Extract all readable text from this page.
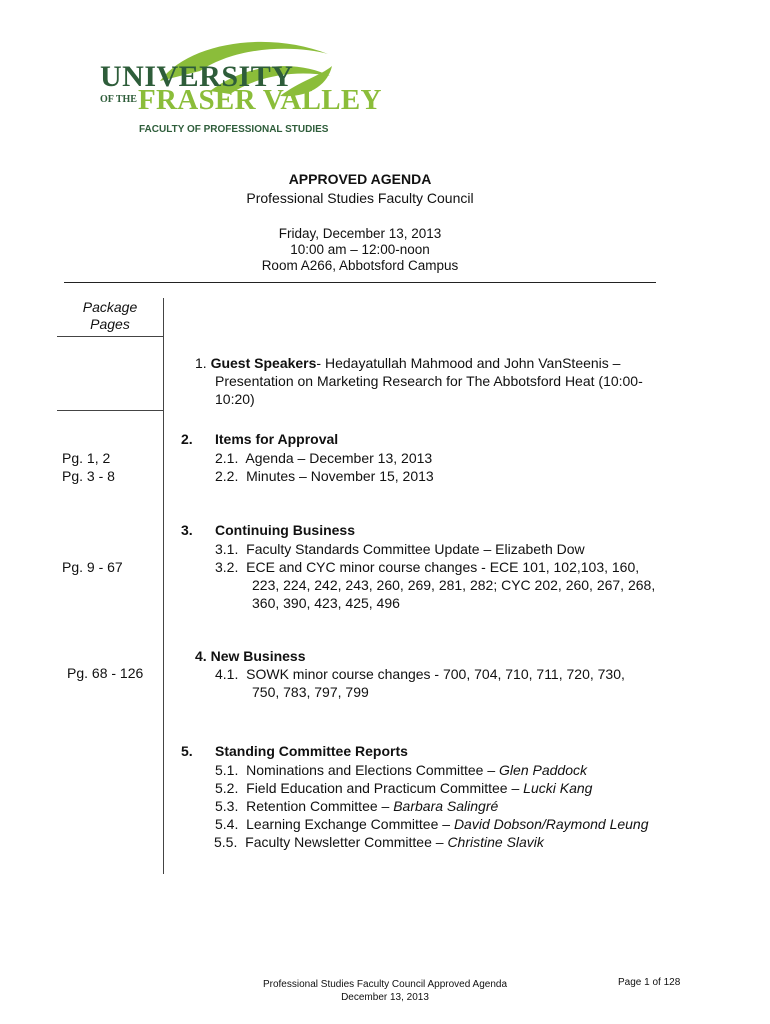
UNIVERSITY
OF THE FRASER VALLEY
FACULTY OF PROFESSIONAL STUDIES
APPROVED AGENDA
Professional Studies Faculty Council
Friday, December 13, 2013
10:00 am – 12:00-noon
Room A266, Abbotsford Campus
Package
Pages
Pg. 1, 2
Pg. 3 - 8
Pg. 9 - 67
Pg. 68 - 126
1. Guest Speakers- Hedayatullah Mahmood and John VanSteenis –
Presentation on Marketing Research for The Abbotsford Heat (10:00-
10:20)
2. Items for Approval
2.1. Agenda – December 13, 2013
2.2. Minutes – November 15, 2013
3. Continuing Business
3.1. Faculty Standards Committee Update – Elizabeth Dow
3.2. ECE and CYC minor course changes - ECE 101, 102,103, 160,
223, 224, 242, 243, 260, 269, 281, 282; CYC 202, 260, 267, 268,
360, 390, 423, 425, 496
4. New Business
4.1. SOWK minor course changes - 700, 704, 710, 711, 720, 730,
750, 783, 797, 799
5. Standing Committee Reports
5.1. Nominations and Elections Committee – Glen Paddock
5.2. Field Education and Practicum Committee – Lucki Kang
5.3. Retention Committee – Barbara Salingré
5.4. Learning Exchange Committee – David Dobson/Raymond Leung
5.5. Faculty Newsletter Committee – Christine Slavik
Professional Studies Faculty Council Approved Agenda
December 13, 2013
Page 1 of 128
